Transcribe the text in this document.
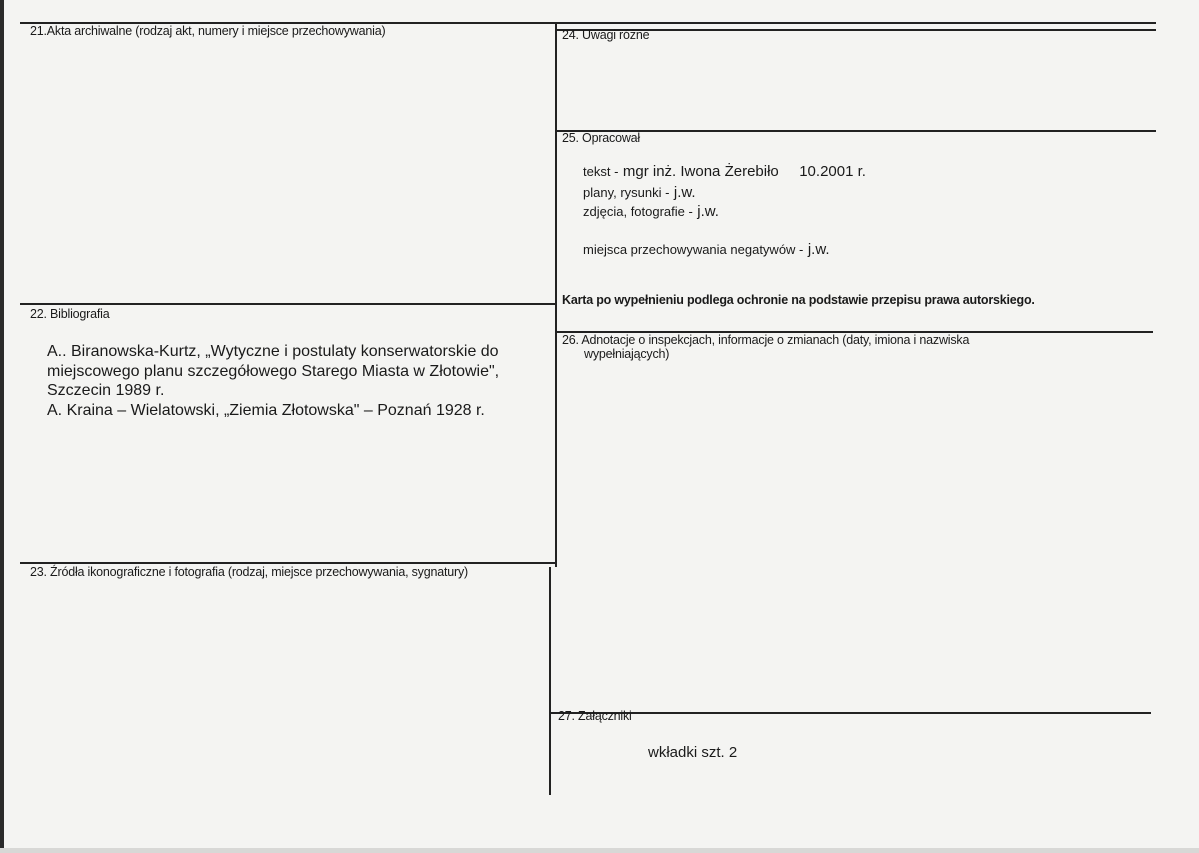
21.Akta archiwalne (rodzaj akt, numery i miejsce przechowywania)	24. Uwagi różne
25. Opracował
tekst - mgr inż. Iwona Żerebiło 10.2001 r.
plany, rysunki - j.w.
zdjęcia, fotografie - j.w.
miejsca przechowywania negatywów - j.w.
Karta po wypełnieniu podlega ochronie na podstawie przepisu prawa autorskiego.
22. Bibliografia
A.. Biranowska-Kurtz, „Wytyczne i postulaty konserwatorskie do
miejscowego planu szczegółowego Starego Miasta w Złotowie",
Szczecin 1989 r.
A. Kraina – Wielatowski, „Ziemia Złotowska" – Poznań 1928 r.
26. Adnotacje o inspekcjach, informacje o zmianach (daty, imiona i nazwiska
wypełniających)
23. Źródła ikonograficzne i fotografia (rodzaj, miejsce przechowywania, sygnatury)
27. Załączniki
wkładki szt. 2
